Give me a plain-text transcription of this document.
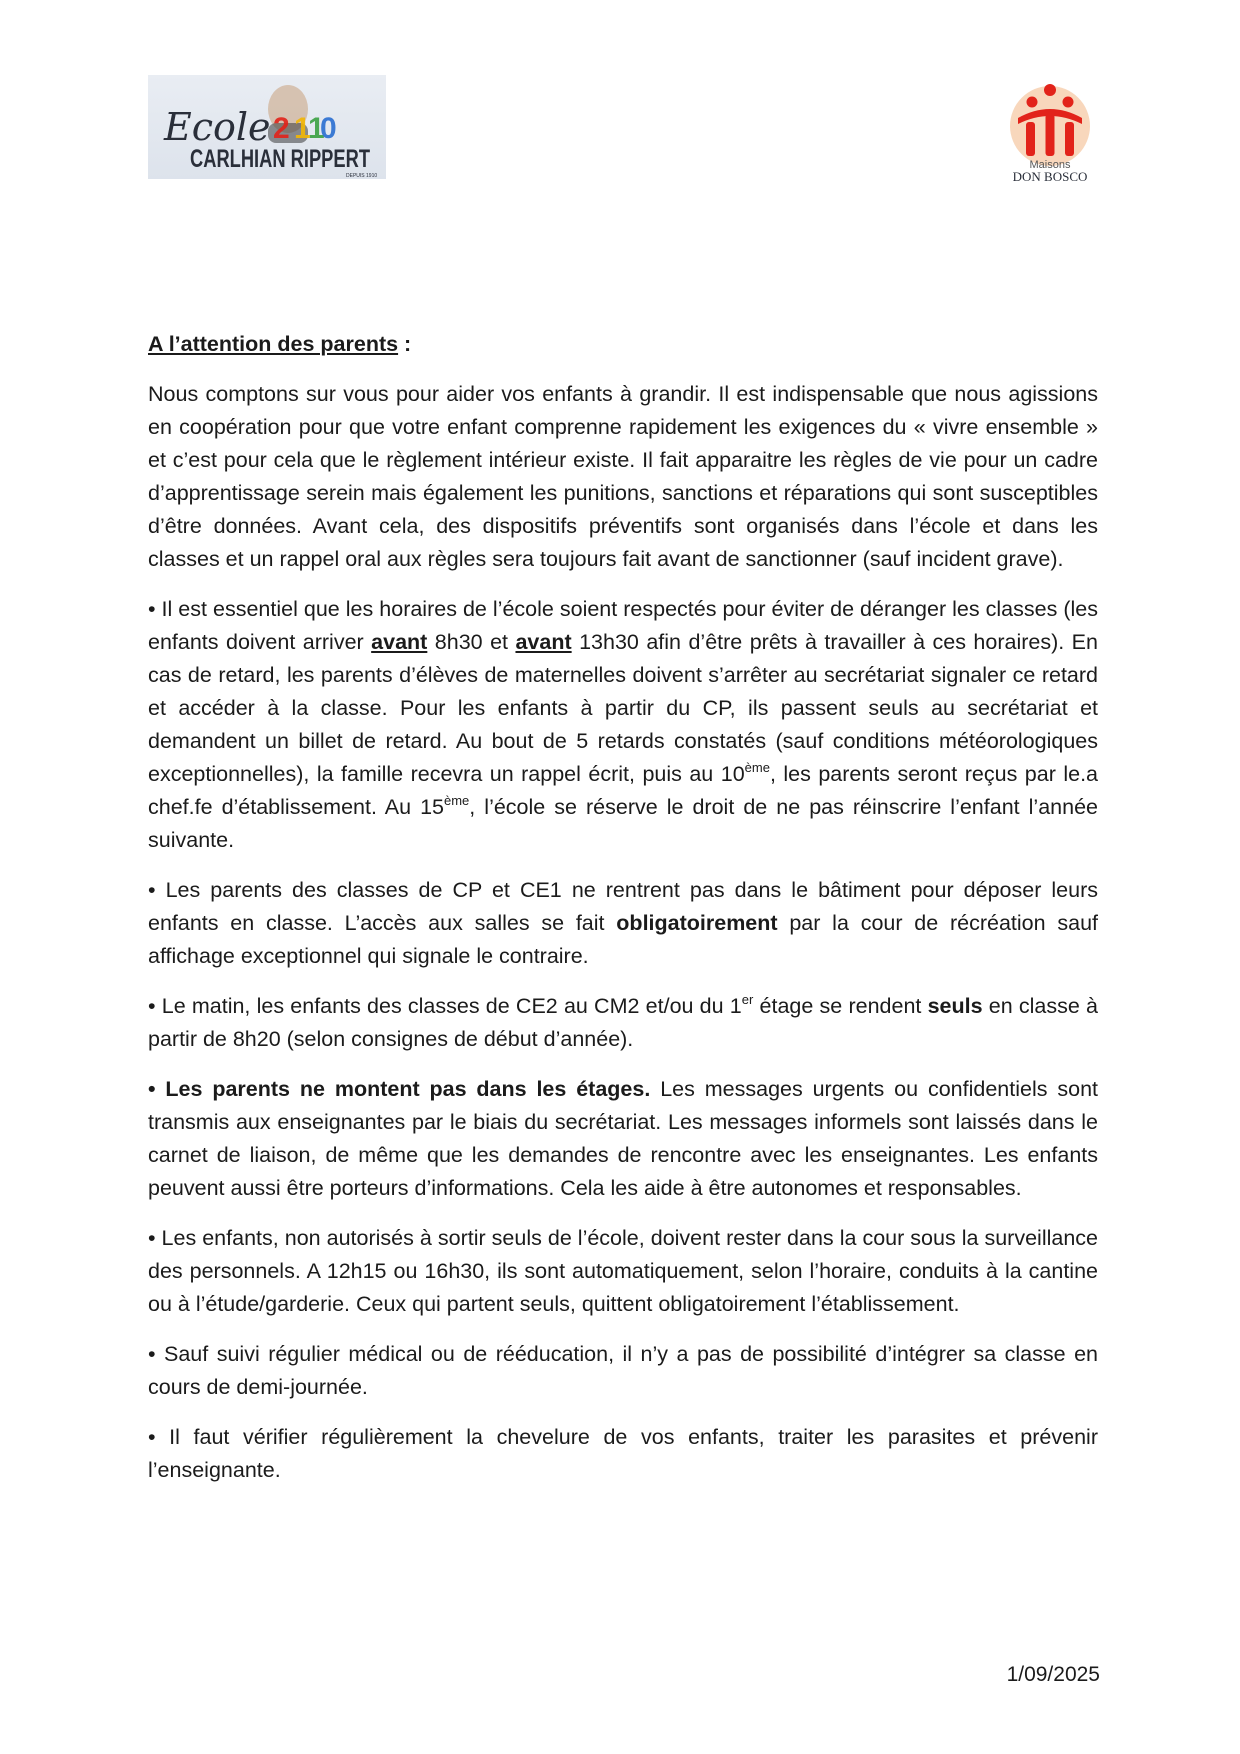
2 1
1
0
Ecole
CARLHIAN RIPPERT
DEPUIS 1910
Maisons
DON BOSCO

A l’attention des parents :

Nous comptons sur vous pour aider vos enfants à grandir. Il est indispensable que nous agissions en coopération pour que votre enfant comprenne rapidement les exigences du « vivre ensemble » et c’est pour cela que le règlement intérieur existe. Il fait apparaitre les règles de vie pour un cadre d’apprentissage serein mais également les punitions, sanctions et réparations qui sont susceptibles d’être données. Avant cela, des dispositifs préventifs sont organisés dans l’école et dans les classes et un rappel oral aux règles sera toujours fait avant de sanctionner (sauf incident grave).

• Il est essentiel que les horaires de l’école soient respectés pour éviter de déranger les classes (les enfants doivent arriver avant 8h30 et avant 13h30 afin d’être prêts à travailler à ces horaires). En cas de retard, les parents d’élèves de maternelles doivent s’arrêter au secrétariat signaler ce retard et accéder à la classe. Pour les enfants à partir du CP, ils passent seuls au secrétariat et demandent un billet de retard. Au bout de 5 retards constatés (sauf conditions météorologiques exceptionnelles), la famille recevra un rappel écrit, puis au 10ème, les parents seront reçus par le.a chef.fe d’établissement. Au 15ème, l’école se réserve le droit de ne pas réinscrire l’enfant l’année suivante.

• Les parents des classes de CP et CE1 ne rentrent pas dans le bâtiment pour déposer leurs enfants en classe. L’accès aux salles se fait obligatoirement par la cour de récréation sauf affichage exceptionnel qui signale le contraire.

• Le matin, les enfants des classes de CE2 au CM2 et/ou du 1er étage se rendent seuls en classe à partir de 8h20 (selon consignes de début d’année).

• Les parents ne montent pas dans les étages. Les messages urgents ou confidentiels sont transmis aux enseignantes par le biais du secrétariat. Les messages informels sont laissés dans le carnet de liaison, de même que les demandes de rencontre avec les enseignantes. Les enfants peuvent aussi être porteurs d’informations. Cela les aide à être autonomes et responsables.

• Les enfants, non autorisés à sortir seuls de l’école, doivent rester dans la cour sous la surveillance des personnels. A 12h15 ou 16h30, ils sont automatiquement, selon l’horaire, conduits à la cantine ou à l’étude/garderie. Ceux qui partent seuls, quittent obligatoirement l’établissement.

• Sauf suivi régulier médical ou de rééducation, il n’y a pas de possibilité d’intégrer sa classe en cours de demi-journée.

• Il faut vérifier régulièrement la chevelure de vos enfants, traiter les parasites et prévenir l’enseignante.

1/09/2025
